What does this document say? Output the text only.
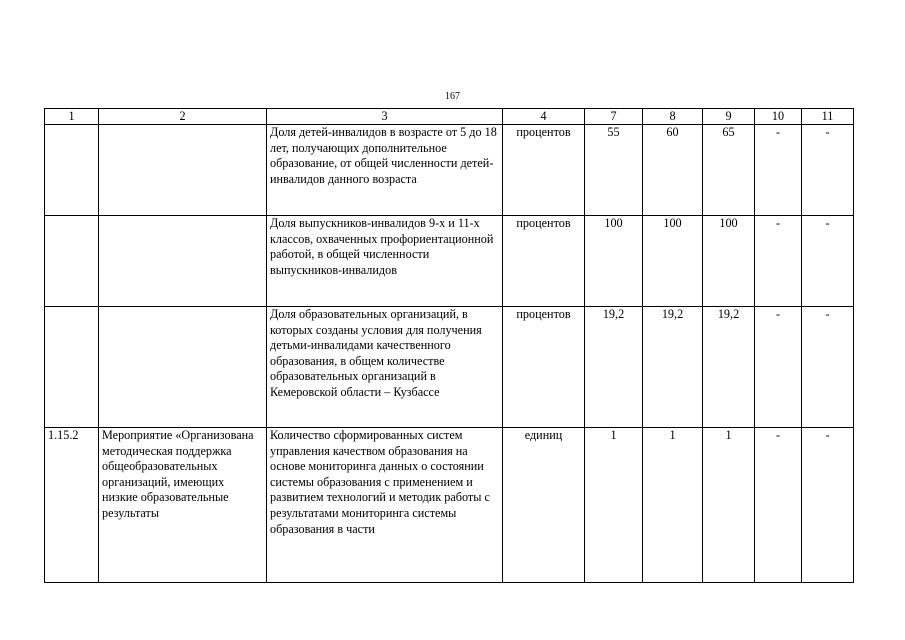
167
1	2	3	4	7	8	9	10	11
		Доля детей-инвалидов в возрасте от 5 до 18 лет, получающих дополнительное образование, от общей численности детей-инвалидов данного возраста	процентов	55	60	65	-	-
		Доля выпускников-инвалидов 9-х и 11-х классов, охваченных профориентационной работой, в общей численности выпускников-инвалидов	процентов	100	100	100	-	-
		Доля образовательных организаций, в которых созданы условия для получения детьми-инвалидами качественного образования, в общем количестве образовательных организаций в Кемеровской области – Кузбассе	процентов	19,2	19,2	19,2	-	-
1.15.2	Мероприятие «Организована методическая поддержка общеобразовательных организаций, имеющих низкие образовательные результаты	Количество сформированных систем управления качеством образования на основе мониторинга данных о состоянии системы образования с применением и развитием технологий и методик работы с результатами мониторинга системы образования в части	единиц	1	1	1	-	-
